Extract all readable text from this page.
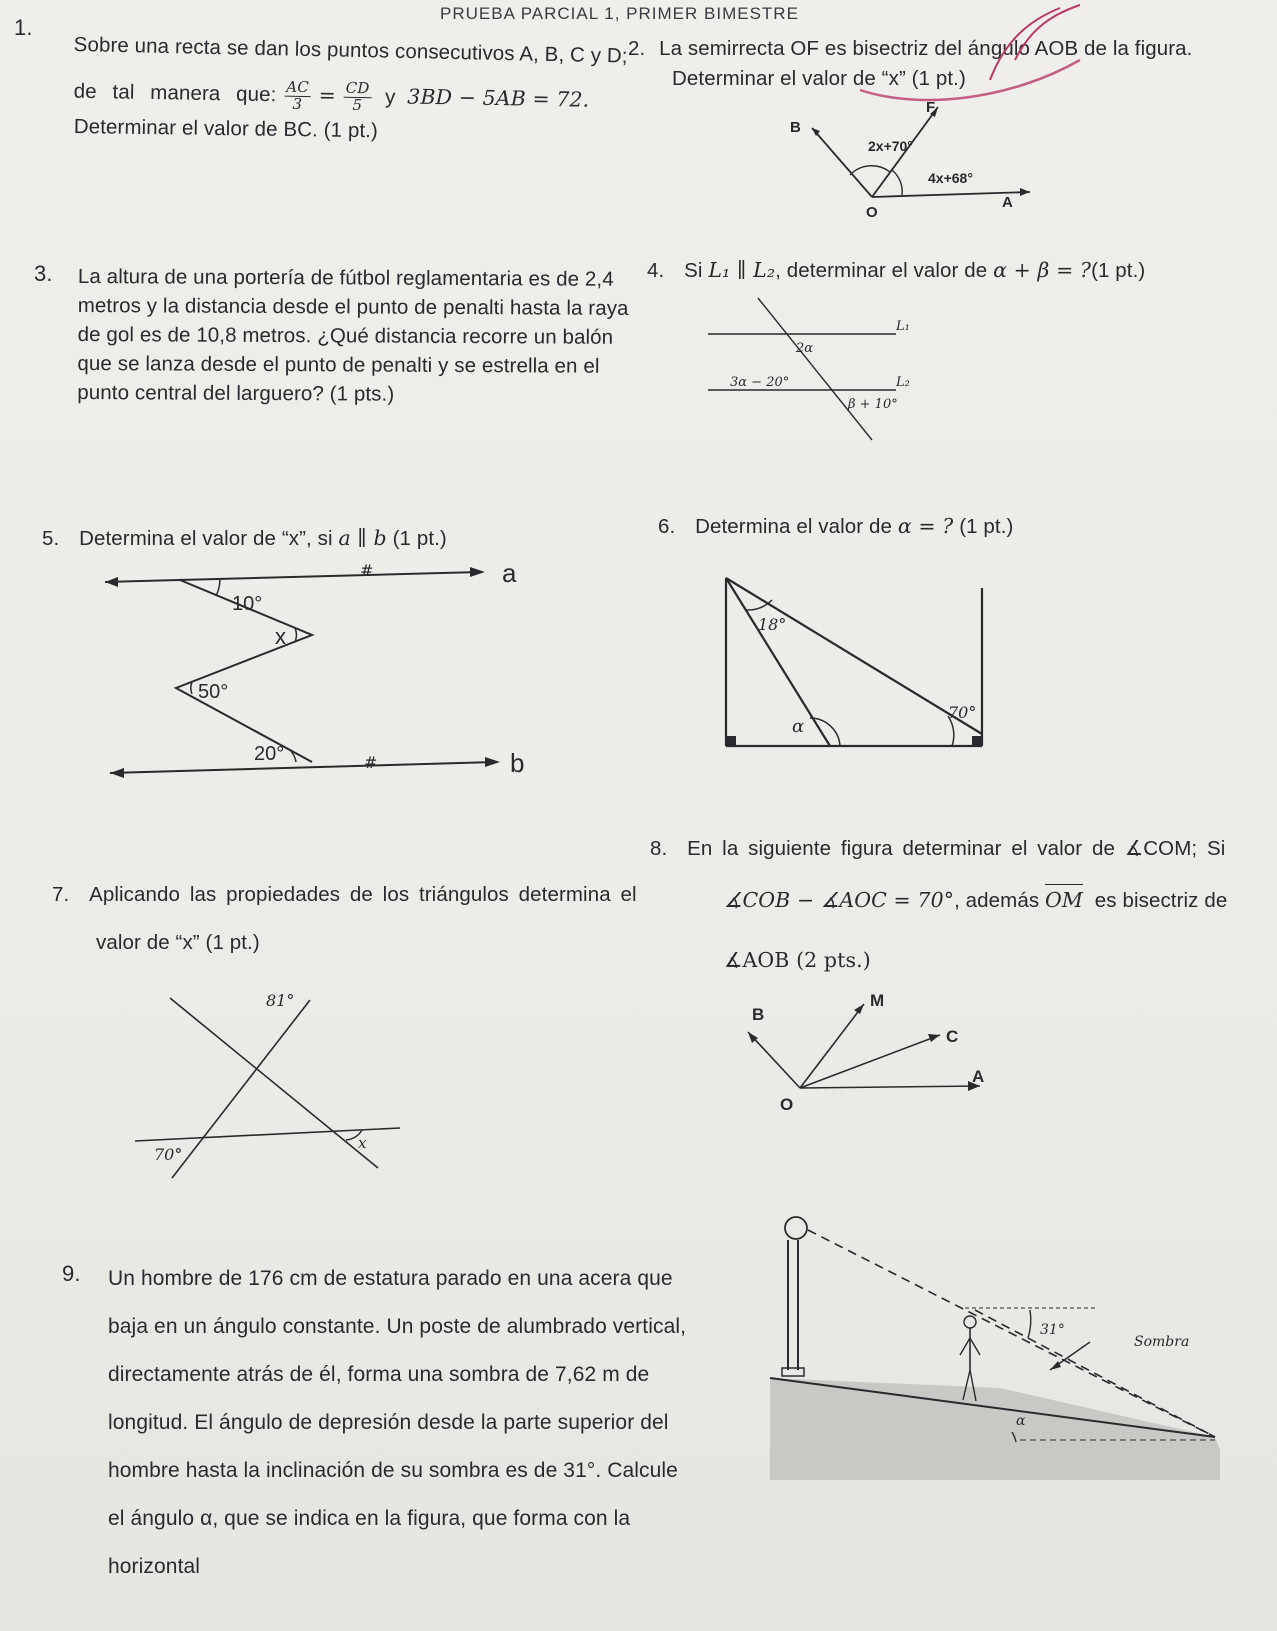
PRUEBA PARCIAL 1, PRIMER BIMESTRE
1.
Sobre una recta se dan los puntos consecutivos A, B, C y D;
de tal manera que: $\frac{AC}{3} = \frac{CD}{5}$ y 3BD − 5AB = 72.
Determinar el valor de BC. (1 pt.)
2. La semirrecta OF es bisectriz del ángulo AOB de la figura.
Determinar el valor de “x” (1 pt.)
F
B
O
A
2x+70°
4x+68°
3. La altura de una portería de fútbol reglamentaria es de 2,4
metros y la distancia desde el punto de penalti hasta la raya
de gol es de 10,8 metros. ¿Qué distancia recorre un balón
que se lanza desde el punto de penalti y se estrella en el
punto central del larguero? (1 pts.)
4. Si L₁ ∥ L₂, determinar el valor de α + β = ?(1 pt.)
L₁
L₂
2α
3α − 20°
β + 10°
5. Determina el valor de “x”, si a ∥ b (1 pt.)
#
#
a
b
10°
x
50°
20°
6. Determina el valor de α = ? (1 pt.)
18°
70°
α
7. Aplicando las propiedades de los triángulos determina el
valor de “x” (1 pt.)
81°
70°
x
8. En la siguiente figura determinar el valor de ∡COM; Si
∡COB − ∡AOC = 70°, además OM es bisectriz de
∡AOB (2 pts.)
B
M
C
A
O
9. Un hombre de 176 cm de estatura parado en una acera que
baja en un ángulo constante. Un poste de alumbrado vertical,
directamente atrás de él, forma una sombra de 7,62 m de
longitud. El ángulo de depresión desde la parte superior del
hombre hasta la inclinación de su sombra es de 31°. Calcule
el ángulo α, que se indica en la figura, que forma con la
horizontal
31°
Sombra
α
